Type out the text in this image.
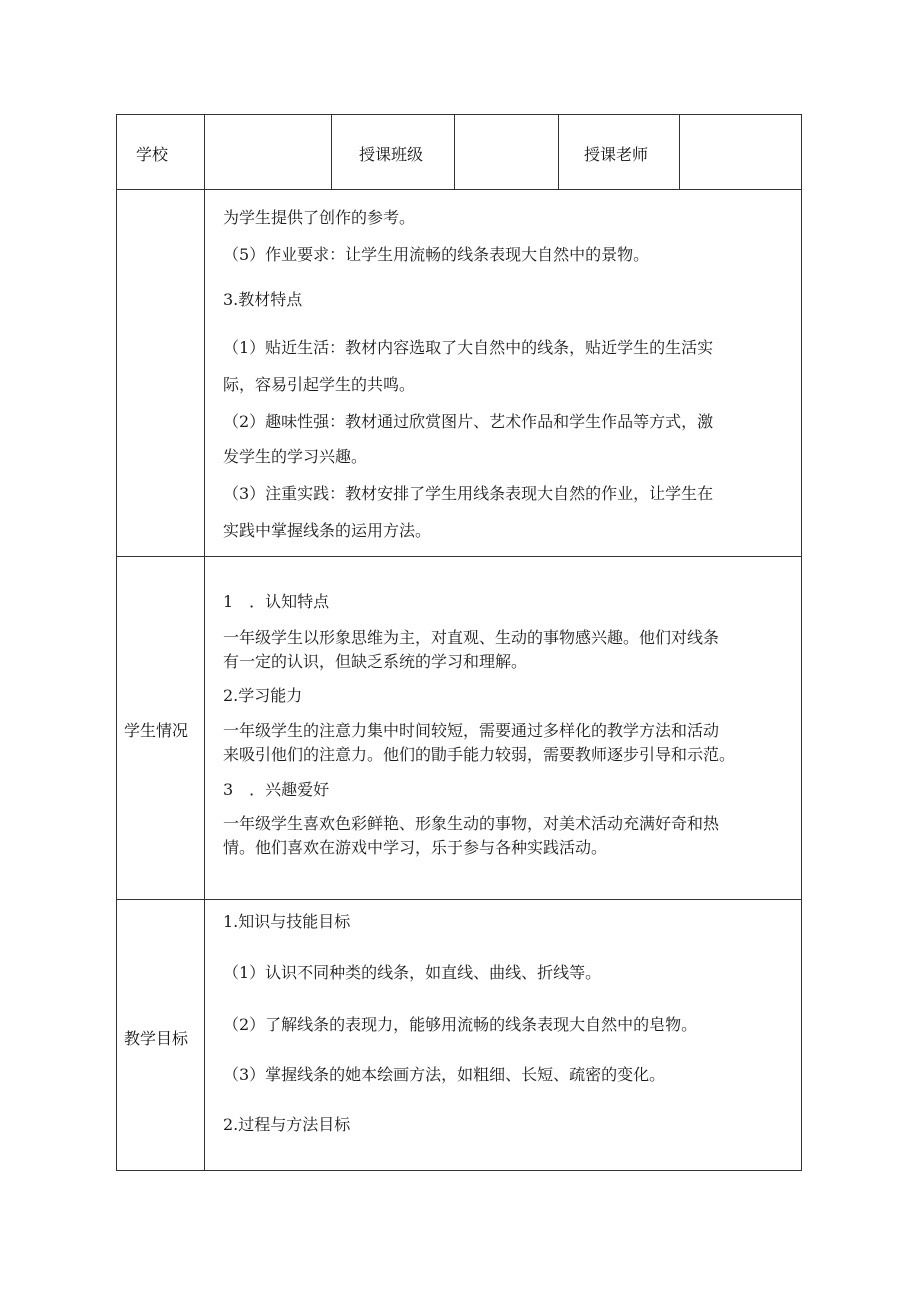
学校	授课班级	授课老师
学生情况
教学目标
为学生提供了创作的参考。
（5）作业要求：让学生用流畅的线条表现大自然中的景物。
3.教材特点
（1）贴近生活：教材内容选取了大自然中的线条，贴近学生的生活实
际，容易引起学生的共鸣。
（2）趣味性强：教材通过欣赏图片、艺术作品和学生作品等方式，激
发学生的学习兴趣。
（3）注重实践：教材安排了学生用线条表现大自然的作业，让学生在
实践中掌握线条的运用方法。
1　．认知特点
一年级学生以形象思维为主，对直观、生动的事物感兴趣。他们对线条
有一定的认识，但缺乏系统的学习和理解。
2.学习能力
一年级学生的注意力集中时间较短，需要通过多样化的教学方法和活动
来吸引他们的注意力。他们的勖手能力较弱，需要教师逐步引导和示范。
3　．兴趣爱好
一年级学生喜欢色彩鲜艳、形象生动的事物，对美术活动充满好奇和热
情。他们喜欢在游戏中学习，乐于参与各种实践活动。
1.知识与技能目标
（1）认识不同种类的线条，如直线、曲线、折线等。
（2）了解线条的表现力，能够用流畅的线条表现大自然中的皂物。
（3）掌握线条的她本绘画方法，如粗细、长短、疏密的变化。
2.过程与方法目标
